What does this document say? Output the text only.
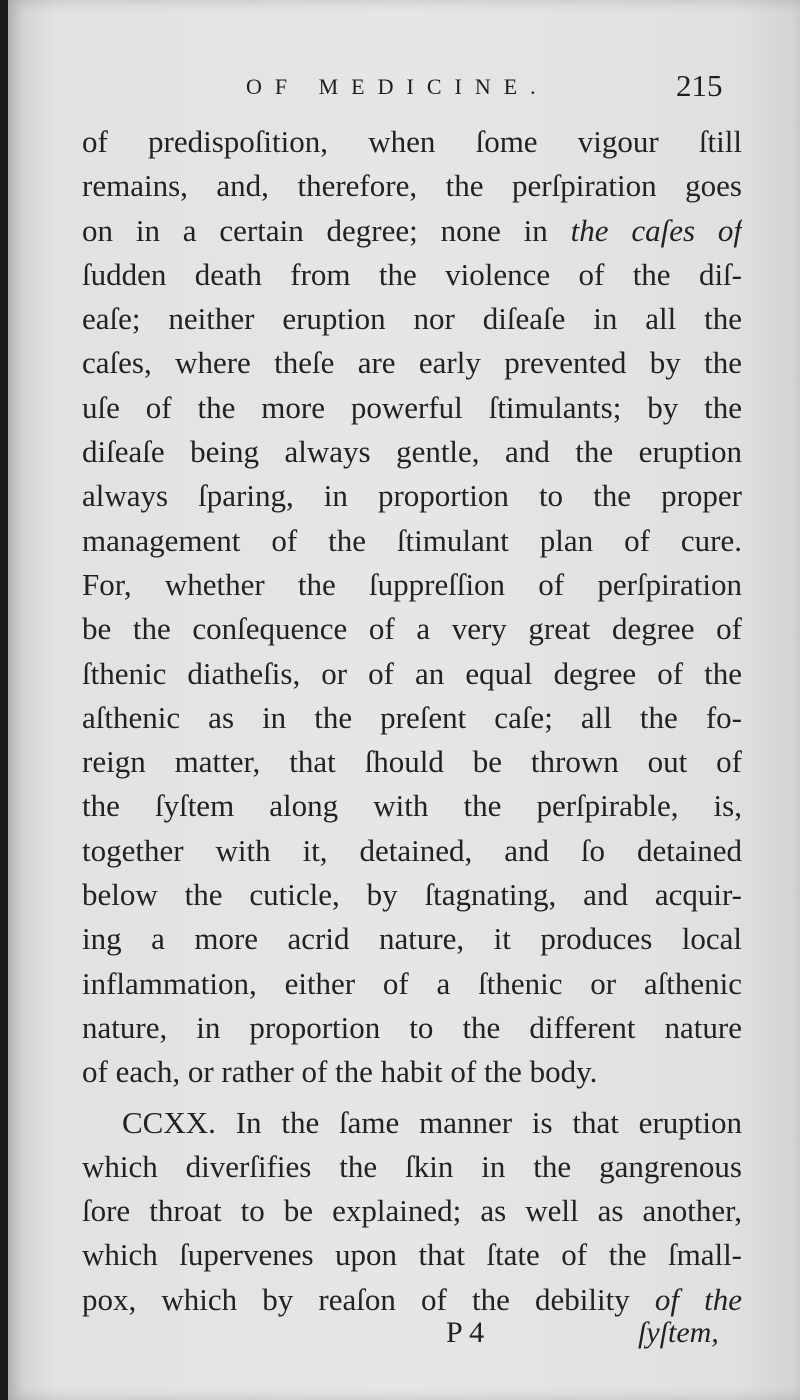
OF MEDICINE.	215
of predispoſition, when ſome vigour ſtill
remains, and, therefore, the perſpiration goes
on in a certain degree; none in the caſes of
ſudden death from the violence of the diſ-
eaſe; neither eruption nor diſeaſe in all the
caſes, where theſe are early prevented by the
uſe of the more powerful ſtimulants; by the
diſeaſe being always gentle, and the eruption
always ſparing, in proportion to the proper
management of the ſtimulant plan of cure.
For, whether the ſuppreſſion of perſpiration
be the conſequence of a very great degree of
ſthenic diatheſis, or of an equal degree of the
aſthenic as in the preſent caſe; all the fo-
reign matter, that ſhould be thrown out of
the ſyſtem along with the perſpirable, is,
together with it, detained, and ſo detained
below the cuticle, by ſtagnating, and acquir-
ing a more acrid nature, it produces local
inflammation, either of a ſthenic or aſthenic
nature, in proportion to the different nature
of each, or rather of the habit of the body.
CCXX. In the ſame manner is that eruption
which diverſifies the ſkin in the gangrenous
ſore throat to be explained; as well as another,
which ſupervenes upon that ſtate of the ſmall-
pox, which by reaſon of the debility of the
P 4	ſyſtem,
